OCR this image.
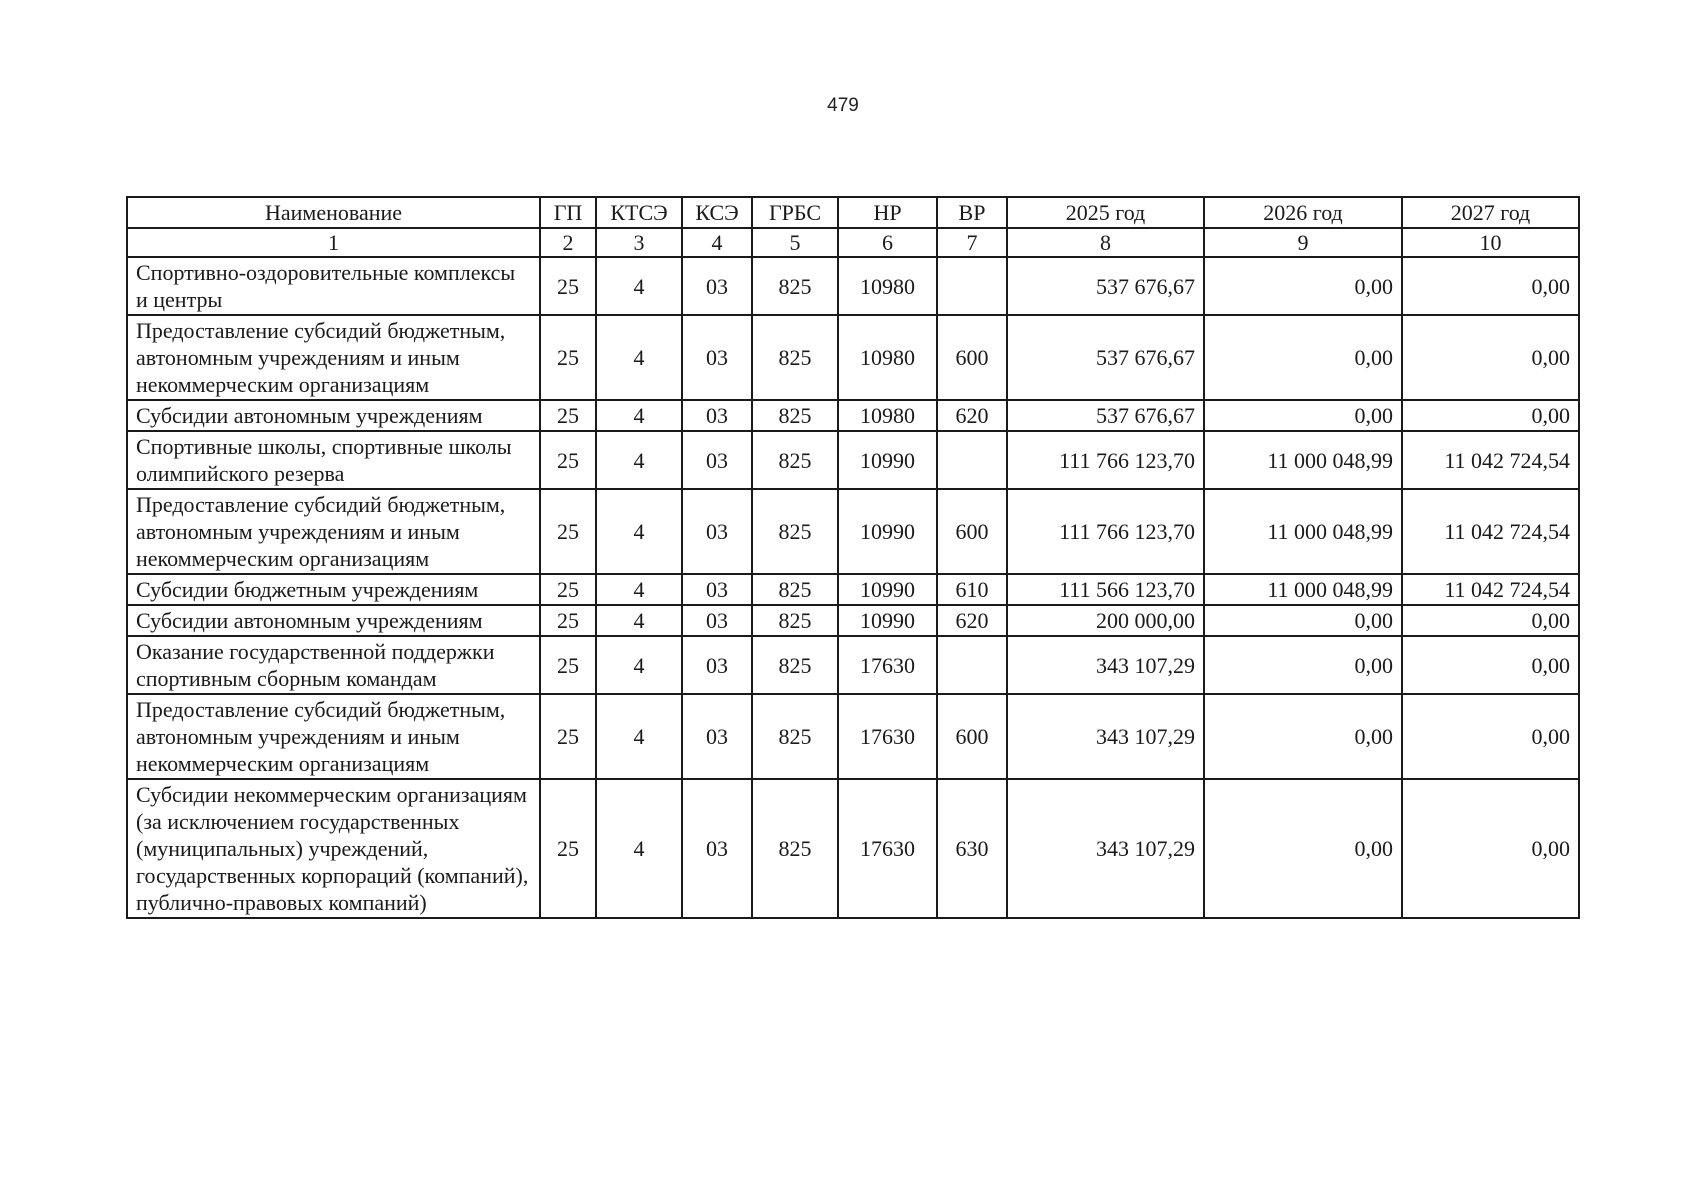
479
Наименование	ГП	КТСЭ	КСЭ	ГРБС	НР	ВР	2025 год	2026 год	2027 год
1	2	3	4	5	6	7	8	9	10
Спортивно-оздоровительные комплексы и центры	25	4	03	825	10980		537 676,67	0,00	0,00
Предоставление субсидий бюджетным, автономным учреждениям и иным некоммерческим организациям	25	4	03	825	10980	600	537 676,67	0,00	0,00
Субсидии автономным учреждениям	25	4	03	825	10980	620	537 676,67	0,00	0,00
Спортивные школы, спортивные школы олимпийского резерва	25	4	03	825	10990		111 766 123,70	11 000 048,99	11 042 724,54
Предоставление субсидий бюджетным, автономным учреждениям и иным некоммерческим организациям	25	4	03	825	10990	600	111 766 123,70	11 000 048,99	11 042 724,54
Субсидии бюджетным учреждениям	25	4	03	825	10990	610	111 566 123,70	11 000 048,99	11 042 724,54
Субсидии автономным учреждениям	25	4	03	825	10990	620	200 000,00	0,00	0,00
Оказание государственной поддержки спортивным сборным командам	25	4	03	825	17630		343 107,29	0,00	0,00
Предоставление субсидий бюджетным, автономным учреждениям и иным некоммерческим организациям	25	4	03	825	17630	600	343 107,29	0,00	0,00
Субсидии некоммерческим организациям (за исключением государственных (муниципальных) учреждений, государственных корпораций (компаний), публично-правовых компаний)	25	4	03	825	17630	630	343 107,29	0,00	0,00
